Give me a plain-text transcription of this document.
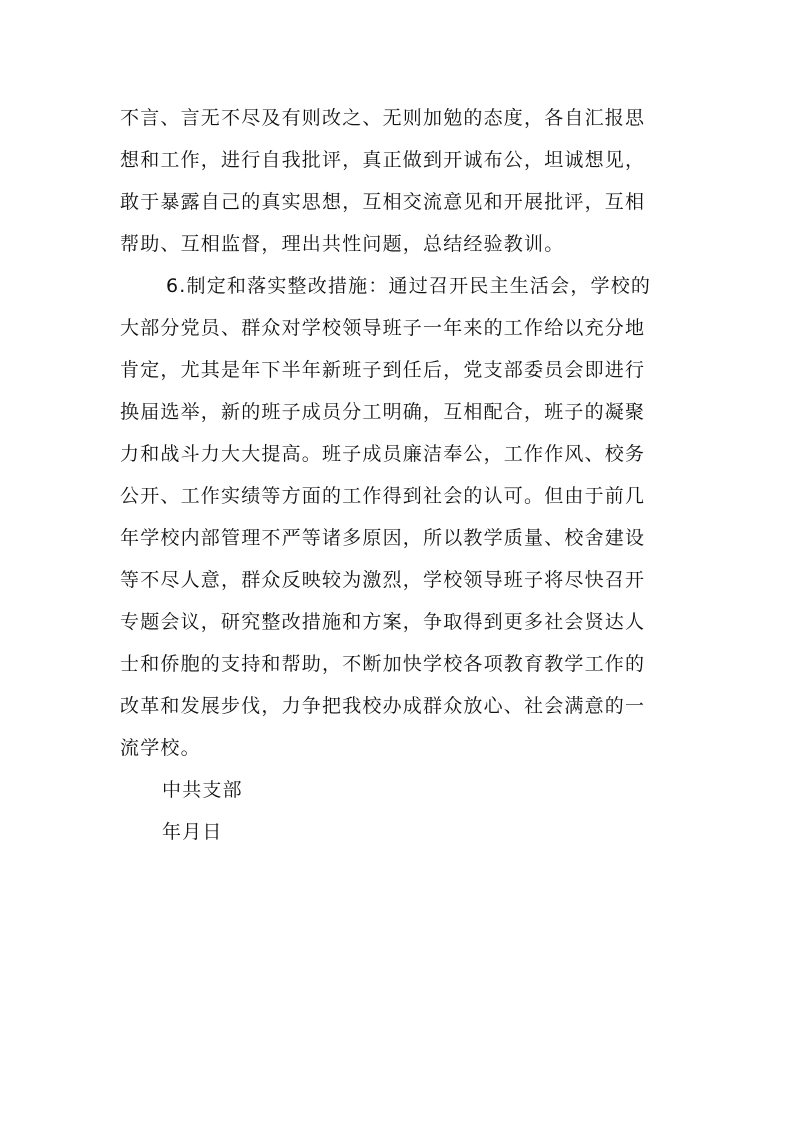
不言、言无不尽及有则改之、无则加勉的态度，各自汇报思
想和工作，进行自我批评，真正做到开诚布公，坦诚想见，
敢于暴露自己的真实思想，互相交流意见和开展批评，互相
帮助、互相监督，理出共性问题，总结经验教训。
6.制定和落实整改措施：通过召开民主生活会，学校的
大部分党员、群众对学校领导班子一年来的工作给以充分地
肯定，尤其是年下半年新班子到任后，党支部委员会即进行
换届选举，新的班子成员分工明确，互相配合，班子的凝聚
力和战斗力大大提高。班子成员廉洁奉公，工作作风、校务
公开、工作实绩等方面的工作得到社会的认可。但由于前几
年学校内部管理不严等诸多原因，所以教学质量、校舍建设
等不尽人意，群众反映较为激烈，学校领导班子将尽快召开
专题会议，研究整改措施和方案，争取得到更多社会贤达人
士和侨胞的支持和帮助，不断加快学校各项教育教学工作的
改革和发展步伐，力争把我校办成群众放心、社会满意的一
流学校。
中共支部
年月日
